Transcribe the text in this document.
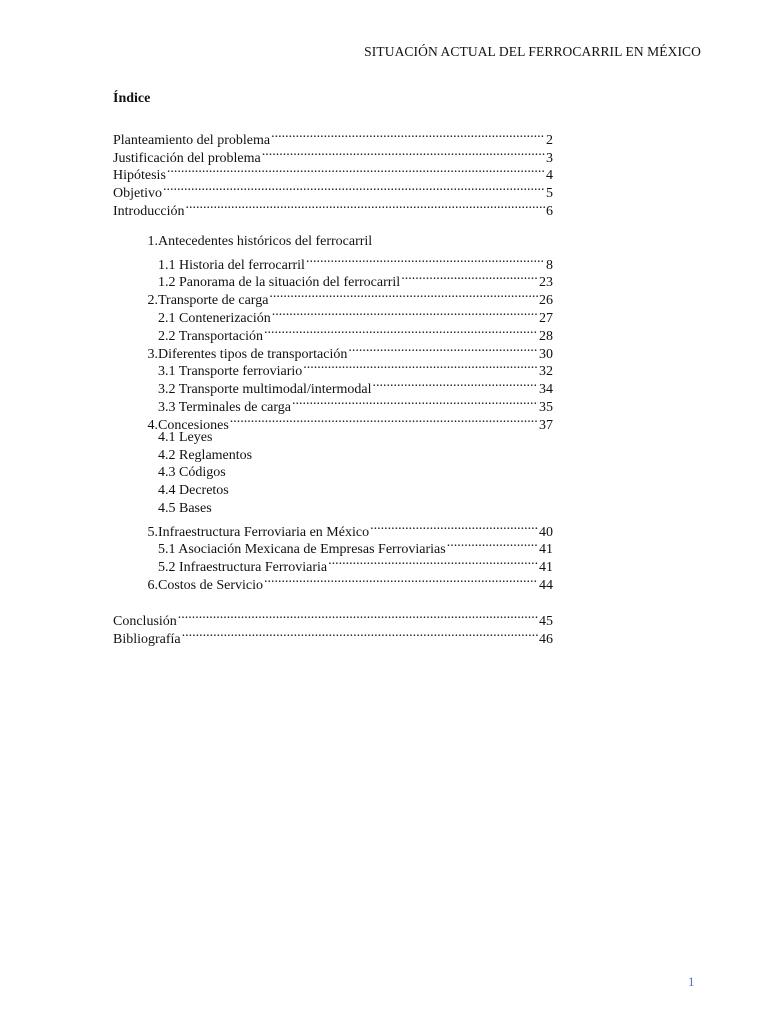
SITUACIÓN ACTUAL DEL FERROCARRIL EN MÉXICO
Índice
Planteamiento del problema .....	2
Justificación del problema .....	3
Hipótesis .....	4
Objetivo .....	5
Introducción .....	6
1. Antecedentes históricos del ferrocarril
1.1 Historia del ferrocarril .....	8
1.2 Panorama de la situación del ferrocarril .....	23
2. Transporte de carga .....	26
2.1 Contenerización .....	27
2.2 Transportación .....	28
3. Diferentes tipos de transportación .....	30
3.1 Transporte ferroviario .....	32
3.2 Transporte multimodal/intermodal .....	34
3.3 Terminales de carga .....	35
4. Concesiones .....	37
4.1 Leyes
4.2 Reglamentos
4.3 Códigos
4.4 Decretos
4.5 Bases
5. Infraestructura Ferroviaria en México .....	40
5.1 Asociación Mexicana de Empresas Ferroviarias .....	41
5.2 Infraestructura Ferroviaria .....	41
6. Costos de Servicio .....	44
Conclusión .....	45
Bibliografía .....	46
1
